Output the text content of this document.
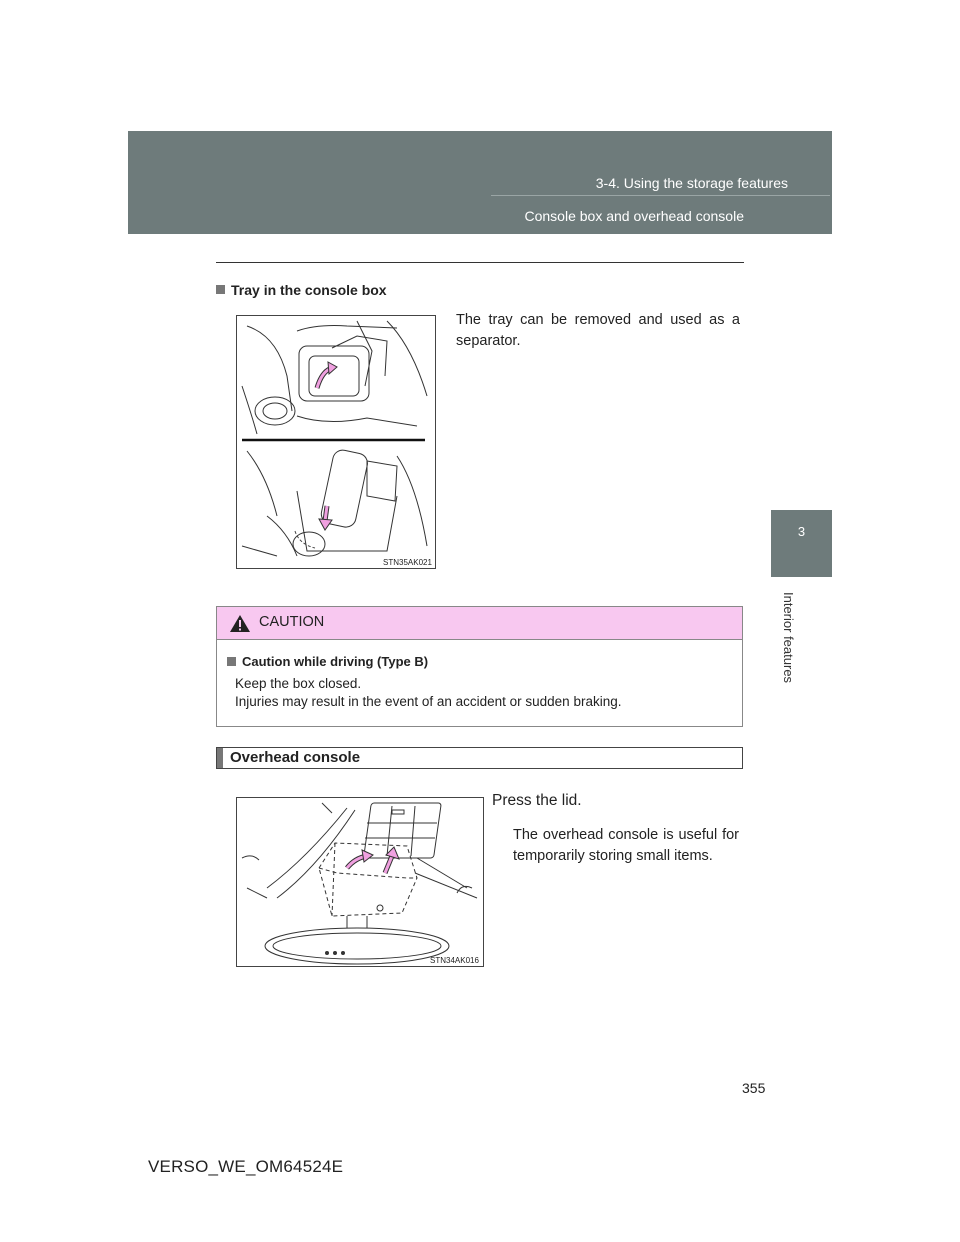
3-4. Using the storage features
Console box and overhead console
3
Interior features
Tray in the console box
The tray can be removed and used as a separator.
STN35AK021
CAUTION
Caution while driving (Type B)
Keep the box closed.
Injuries may result in the event of an accident or sudden braking.
Overhead console
Press the lid.
The overhead console is useful for temporarily storing small items.
STN34AK016
355
VERSO_WE_OM64524E
